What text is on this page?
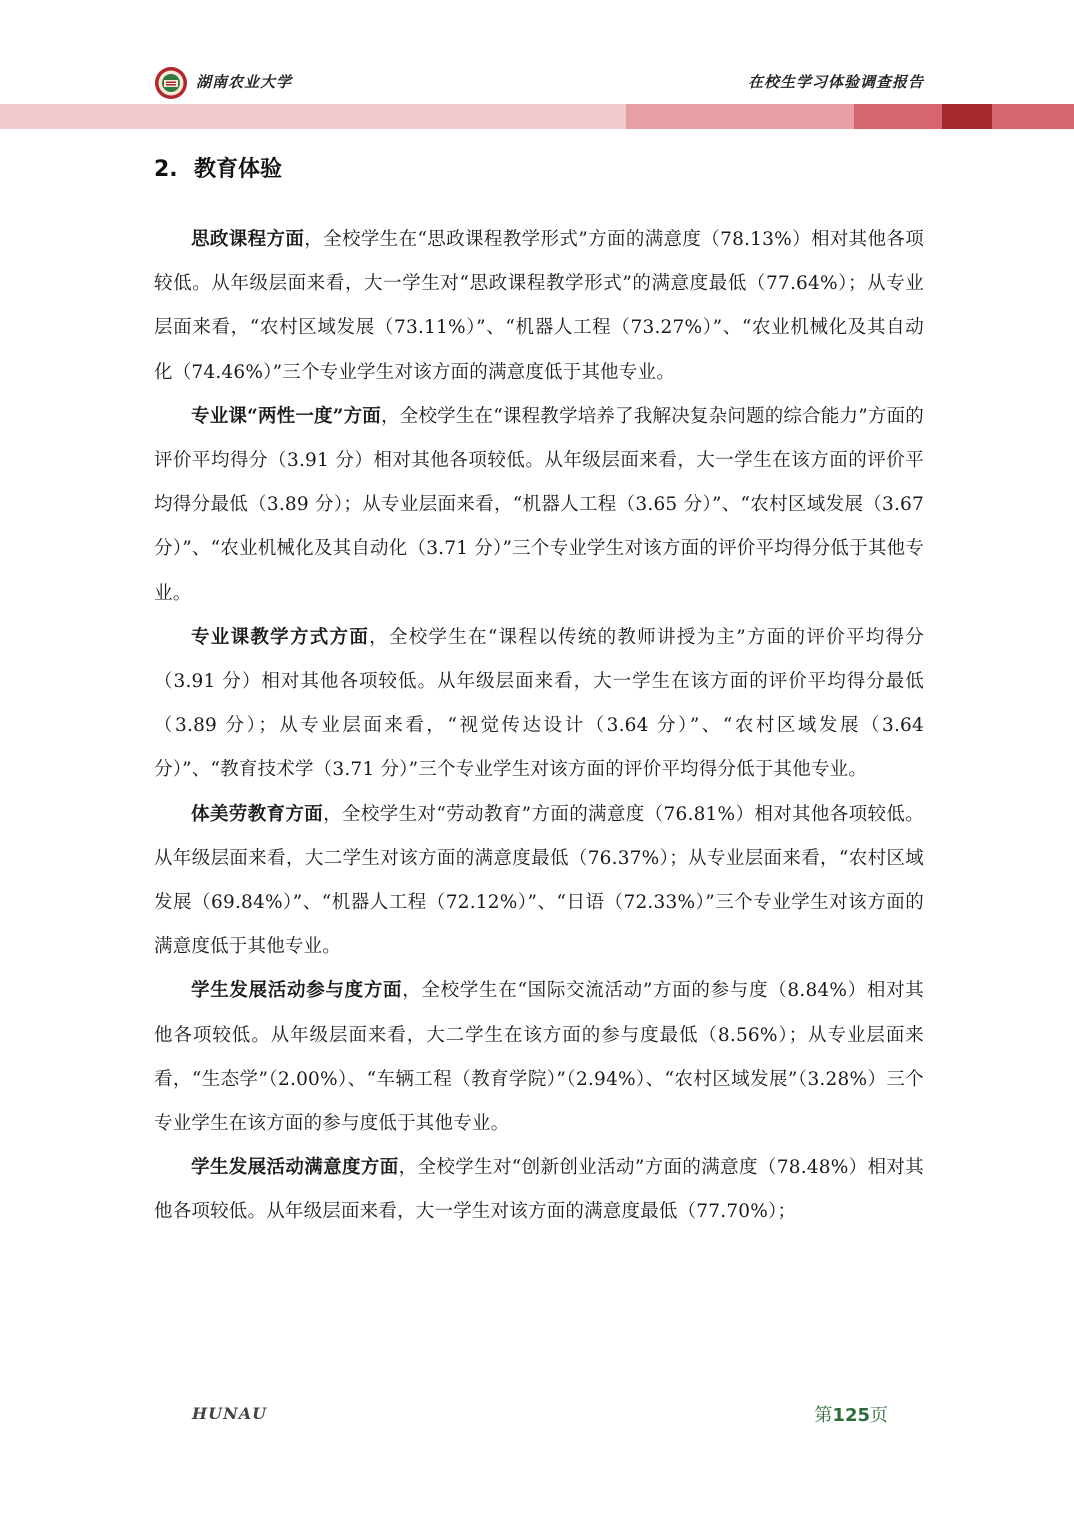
湖南农业大学	在校生学习体验调查报告
2. 教育体验

思政课程方面，全校学生在“思政课程教学形式”方面的满意度（78.13%）相对其他各项较低。从年级层面来看，大一学生对“思政课程教学形式”的满意度最低（77.64%）；从专业层面来看，“农村区域发展（73.11%）”、“机器人工程（73.27%）”、“农业机械化及其自动化（74.46%）”三个专业学生对该方面的满意度低于其他专业。

专业课“两性一度”方面，全校学生在“课程教学培养了我解决复杂问题的综合能力”方面的评价平均得分（3.91 分）相对其他各项较低。从年级层面来看，大一学生在该方面的评价平均得分最低（3.89 分）；从专业层面来看，“机器人工程（3.65 分）”、“农村区域发展（3.67 分）”、“农业机械化及其自动化（3.71 分）”三个专业学生对该方面的评价平均得分低于其他专业。

专业课教学方式方面，全校学生在“课程以传统的教师讲授为主”方面的评价平均得分（3.91 分）相对其他各项较低。从年级层面来看，大一学生在该方面的评价平均得分最低（3.89 分）；从专业层面来看，“视觉传达设计（3.64 分）”、“农村区域发展（3.64 分）”、“教育技术学（3.71 分）”三个专业学生对该方面的评价平均得分低于其他专业。

体美劳教育方面，全校学生对“劳动教育”方面的满意度（76.81%）相对其他各项较低。从年级层面来看，大二学生对该方面的满意度最低（76.37%）；从专业层面来看，“农村区域发展（69.84%）”、“机器人工程（72.12%）”、“日语（72.33%）”三个专业学生对该方面的满意度低于其他专业。

学生发展活动参与度方面，全校学生在“国际交流活动”方面的参与度（8.84%）相对其他各项较低。从年级层面来看，大二学生在该方面的参与度最低（8.56%）；从专业层面来看，“生态学”（2.00%）、“车辆工程（教育学院）”（2.94%）、“农村区域发展”（3.28%）三个专业学生在该方面的参与度低于其他专业。

学生发展活动满意度方面，全校学生对“创新创业活动”方面的满意度（78.48%）相对其他各项较低。从年级层面来看，大一学生对该方面的满意度最低（77.70%）；

HUNAU	第125页
